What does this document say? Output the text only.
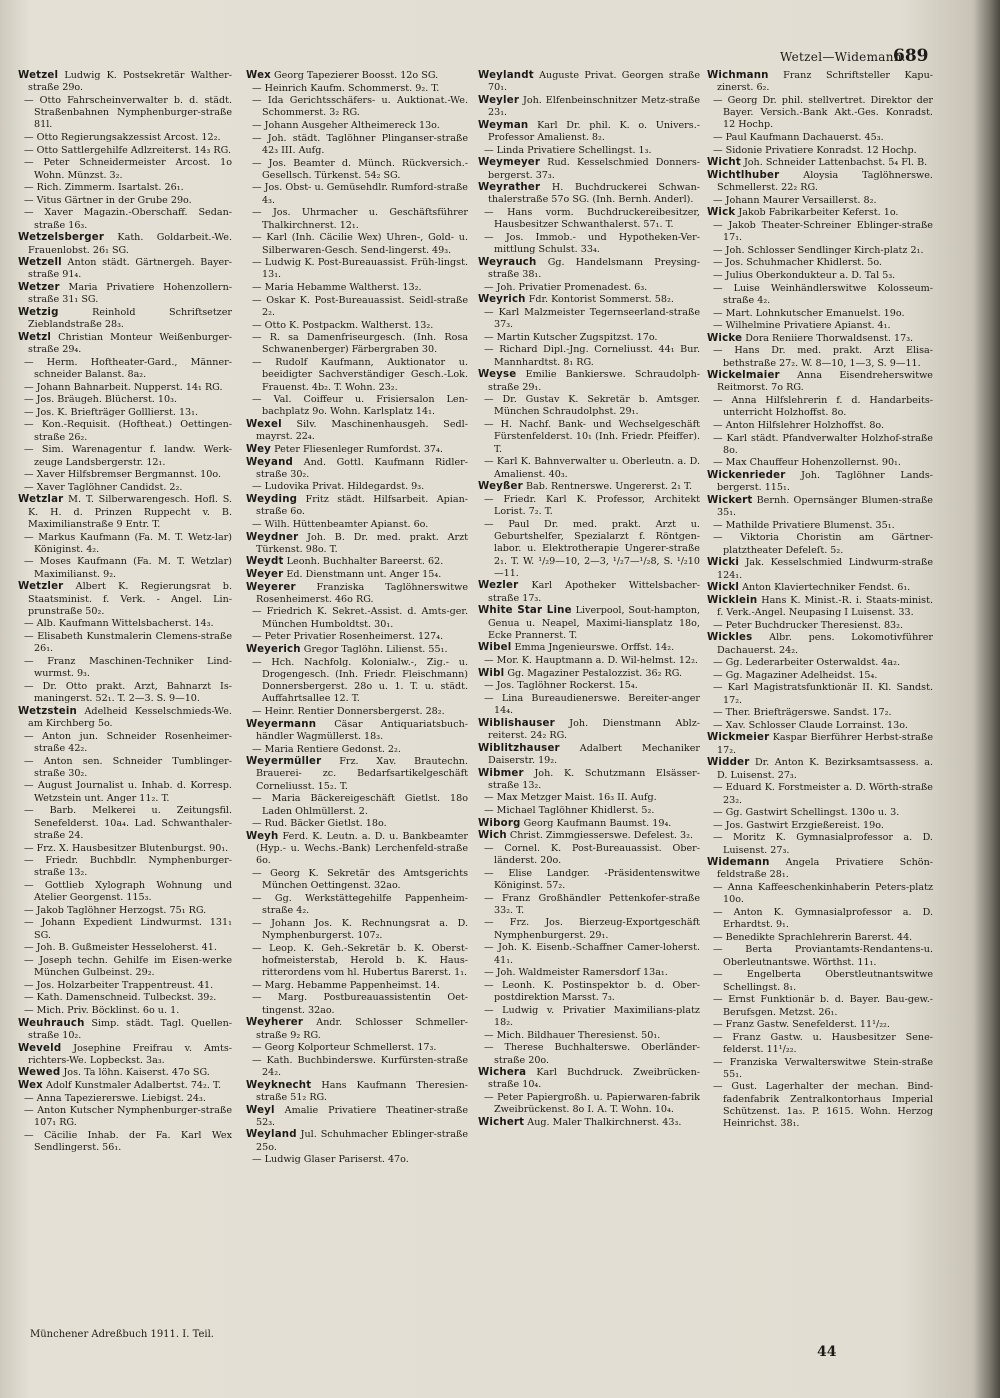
Wetzel—Widemann.
689

Wetzel Ludwig K. Postsekretär Walther-straße 29o.

— Otto Fahrscheinverwalter b. d. städt. Straßenbahnen Nymphenburger-straße 81l.

— Otto Regierungsakzessist Arcost. 12₂.

— Otto Sattlergehilfe Adlzreiterst. 14₃ RG.

— Peter Schneidermeister Arcost. 1o Wohn. Münzst. 3₂.

— Rich. Zimmerm. Isartalst. 26₁.

— Vitus Gärtner in der Grube 29o.

— Xaver Magazin.-Oberschaff. Sedan-straße 16₃.

Wetzelsberger Kath. Goldarbeit.-We. Frauenlobst. 26₁ SG.

Wetzell Anton städt. Gärtnergeh. Bayer-straße 91₄.

Wetzer Maria Privatiere Hohenzollern-straße 31₁ SG.

Wetzig Reinhold Schriftsetzer Zieblandstraße 28₃.

Wetzl Christian Monteur Weißenburger-straße 29₄.

— Herm. Hoftheater-Gard., Männer-schneider Balanst. 8a₂.

— Johann Bahnarbeit. Nupperst. 14₁ RG.

— Jos. Bräugeh. Blücherst. 10₃.

— Jos. K. Briefträger Golllierst. 13₁.

— Kon.-Requisit. (Hoftheat.) Oettingen-straße 26₂.

— Sim. Warenagentur f. landw. Werk-zeuge Landsbergerstr. 12₁.

— Xaver Hilfsbremser Bergmannst. 10o.

— Xaver Taglöhner Candidst. 2₂.

Wetzlar M. T. Silberwarengesch. Hofl. S. K. H. d. Prinzen Ruppecht v. B. Maximilianstraße 9 Entr. T.

— Markus Kaufmann (Fa. M. T. Wetz-lar) Königinst. 4₂.

— Moses Kaufmann (Fa. M. T. Wetzlar) Maximilianst. 9₂.

Wetzler Albert K. Regierungsrat b. Staatsminist. f. Verk. - Angel. Lin-prunstraße 50₂.

— Alb. Kaufmann Wittelsbacherst. 14₃.

— Elisabeth Kunstmalerin Clemens-straße 26₁.

— Franz Maschinen-Techniker Lind-wurmst. 9₃.

— Dr. Otto prakt. Arzt, Bahnarzt Is-maningerst. 52₁. T. 2—3. S. 9—10.

Wetzstein Adelheid Kesselschmieds-We. am Kirchberg 5o.

— Anton jun. Schneider Rosenheimer-straße 42₂.

— Anton sen. Schneider Tumblinger-straße 30₂.

— August Journalist u. Inhab. d. Korresp. Wetzstein unt. Anger 11₂. T.

— Barb. Melkerei u. Zeitungsfil. Senefelderst. 10a₄. Lad. Schwanthaler-straße 24.

— Frz. X. Hausbesitzer Blutenburgst. 90₁.

— Friedr. Buchbdlr. Nymphenburger-straße 13₂.

— Gottlieb Xylograph Wohnung und Atelier Georgenst. 115₃.

— Jakob Taglöhner Herzogst. 75₁ RG.

— Johann Expedient Lindwurmst. 131₁ SG.

— Joh. B. Gußmeister Hesseloherst. 41.

— Joseph techn. Gehilfe im Eisen-werke München Gulbeinst. 29₂.

— Jos. Holzarbeiter Trappentreust. 41.

— Kath. Damenschneid. Tulbeckst. 39₂.

— Mich. Priv. Böcklinst. 6o u. 1.

Weuhrauch Simp. städt. Tagl. Quellen-straße 10₂.

Weveld Josephine Freifrau v. Amts-richters-We. Lopbeckst. 3a₃.

Wewed Jos. Ta löhn. Kaiserst. 47o SG.

Wex Adolf Kunstmaler Adalbertst. 74₂. T.

— Anna Tapeziererswe. Liebigst. 24₃.

— Anton Kutscher Nymphenburger-straße 107₁ RG.

— Cäcilie Inhab. der Fa. Karl Wex Sendlingerst. 56₁.

Wex Georg Tapezierer Boosst. 12o SG.

— Heinrich Kaufm. Schommerst. 9₂. T.

— Ida Gerichtsschäfers- u. Auktionat.-We. Schommerst. 3₂ RG.

— Johann Ausgeher Altheimereck 13o.

— Joh. städt. Taglöhner Plinganser-straße 42₃ III. Aufg.

— Jos. Beamter d. Münch. Rückversich.-Gesellsch. Türkenst. 54₂ SG.

— Jos. Obst- u. Gemüsehdlr. Rumford-straße 4₃.

— Jos. Uhrmacher u. Geschäftsführer Thalkirchnerst. 12₁.

— Karl (Inh. Cäcilie Wex) Uhren-, Gold- u. Silberwaren-Gesch. Send-lingerst. 49₃.

— Ludwig K. Post-Bureauassist. Früh-lingst. 13₁.

— Maria Hebamme Waltherst. 13₂.

— Oskar K. Post-Bureauassist. Seidl-straße 2₂.

— Otto K. Postpackm. Waltherst. 13₂.

— R. sa Damenfriseurgesch. (Inh. Rosa Schwanenberger) Färbergraben 30.

— Rudolf Kaufmann, Auktionator u. beeidigter Sachverständiger Gesch.-Lok. Frauenst. 4b₂. T. Wohn. 23₂.

— Val. Coiffeur u. Frisiersalon Len-bachplatz 9o. Wohn. Karlsplatz 14₁.

Wexel Silv. Maschinenhausgeh. Sedl-mayrst. 22₄.

Wey Peter Fliesenleger Rumfordst. 37₄.

Weyand And. Gottl. Kaufmann Ridler-straße 30₂.

— Ludovika Privat. Hildegardst. 9₃.

Weyding Fritz städt. Hilfsarbeit. Apian-straße 6o.

— Wilh. Hüttenbeamter Apianst. 6o.

Weydner Joh. B. Dr. med. prakt. Arzt Türkenst. 98o. T.

Weydt Leonh. Buchhalter Bareerst. 62.

Weyer Ed. Dienstmann unt. Anger 15₄.

Weyerer Franziska Taglöhnerswitwe Rosenheimerst. 46o RG.

— Friedrich K. Sekret.-Assist. d. Amts-ger. München Humboldtst. 30₁.

— Peter Privatier Rosenheimerst. 127₄.

Weyerich Gregor Taglöhn. Lilienst. 55₁.

— Hch. Nachfolg. Kolonialw.-, Zig.- u. Drogengesch. (Inh. Friedr. Fleischmann) Donnersbergerst. 28o u. 1. T. u. städt. Auffahrtsallee 12. T.

— Heinr. Rentier Donnersbergerst. 28₂.

Weyermann Cäsar Antiquariatsbuch-händler Wagmüllerst. 18₃.

— Maria Rentiere Gedonst. 2₂.

Weyermüller Frz. Xav. Brautechn. Brauerei- zc. Bedarfsartikelgeschäft Corneliusst. 15₂. T.

— Maria Bäckereigeschäft Gietlst. 18o Laden Ohlmüllerst. 2.

— Rud. Bäcker Gietlst. 18o.

Weyh Ferd. K. Leutn. a. D. u. Bankbeamter (Hyp.- u. Wechs.-Bank) Lerchenfeld-straße 6o.

— Georg K. Sekretär des Amtsgerichts München Oettingenst. 32ao.

— Gg. Werkstättegehilfe Pappenheim-straße 4₂.

— Johann Jos. K. Rechnungsrat a. D. Nymphenburgerst. 107₂.

— Leop. K. Geh.-Sekretär b. K. Oberst-hofmeisterstab, Herold b. K. Haus-ritterordens vom hl. Hubertus Barerst. 1₁.

— Marg. Hebamme Pappenheimst. 14.

— Marg. Postbureauassistentin Oet-tingenst. 32ao.

Weyherer Andr. Schlosser Schmeller-straße 9₂ RG.

— Georg Kolporteur Schmellerst. 17₃.

— Kath. Buchbinderswe. Kurfürsten-straße 24₂.

Weyknecht Hans Kaufmann Theresien-straße 51₂ RG.

Weyl Amalie Privatiere Theatiner-straße 52₃.

Weyland Jul. Schuhmacher Eblinger-straße 25o.

— Ludwig Glaser Pariserst. 47o.

Weylandt Auguste Privat. Georgen straße 70₁.

Weyler Joh. Elfenbeinschnitzer Metz-straße 23₁.

Weyman Karl Dr. phil. K. o. Univers.-Professor Amalienst. 8₂.

— Linda Privatiere Schellingst. 1₃.

Weymeyer Rud. Kesselschmied Donners-bergerst. 37₃.

Weyrather H. Buchdruckerei Schwan-thalerstraße 57o SG. (Inh. Bernh. Anderl).

— Hans vorm. Buchdruckereibesitzer, Hausbesitzer Schwanthalerst. 57₁. T.

— Jos. Immob.- und Hypotheken-Ver-mittlung Schulst. 33₄.

Weyrauch Gg. Handelsmann Preysing-straße 38₁.

— Joh. Privatier Promenadest. 6₃.

Weyrich Fdr. Kontorist Sommerst. 58₂.

— Karl Malzmeister Tegernseerland-straße 37₃.

— Martin Kutscher Zugspitzst. 17o.

— Richard Dipl.-Jng. Corneliusst. 44₁ Bur. Mannhardtst. 8₁ RG.

Weyse Emilie Bankierswe. Schraudolph-straße 29₁.

— Dr. Gustav K. Sekretär b. Amtsger. München Schraudolphst. 29₁.

— H. Nachf. Bank- und Wechselgeschäft Fürstenfelderst. 10₁ (Inh. Friedr. Pfeiffer). T.

— Karl K. Bahnverwalter u. Oberleutn. a. D. Amalienst. 40₃.

Weyßer Bab. Rentnerswe. Ungererst. 2₁ T.

— Friedr. Karl K. Professor, Architekt Lorist. 7₂. T.

— Paul Dr. med. prakt. Arzt u. Geburtshelfer, Spezialarzt f. Röntgen-labor. u. Elektrotherapie Ungerer-straße 2₁. T. W. ¹/₂9—10, 2—3, ¹/₂7—¹/₂8, S. ¹/₂10—11.

Wezler Karl Apotheker Wittelsbacher-straße 17₃.

White Star Line Liverpool, Sout-hampton, Genua u. Neapel, Maximi-liansplatz 18o, Ecke Prannerst. T.

Wibel Emma Jngenieurswe. Orffst. 14₂.

— Mor. K. Hauptmann a. D. Wil-helmst. 12₂.

Wibl Gg. Magaziner Pestalozzist. 36₂ RG.

— Jos. Taglöhner Rockerst. 15₄.

— Lina Bureaudienerswe. Bereiter-anger 14₄.

Wiblishauser Joh. Dienstmann Ablz-reiterst. 24₂ RG.

Wiblitzhauser Adalbert Mechaniker Daiserstr. 19₂.

Wibmer Joh. K. Schutzmann Elsässer-straße 13₂.

— Max Metzger Maist. 16₃ II. Aufg.

— Michael Taglöhner Khidlerst. 5₂.

Wiborg Georg Kaufmann Baumst. 19₄.

Wich Christ. Zimmgiesserswe. Defelest. 3₂.

— Cornel. K. Post-Bureauassist. Ober-länderst. 20o.

— Elise Landger. -Präsidentenswitwe Königinst. 57₂.

— Franz Großhändler Pettenkofer-straße 33₂. T.

— Frz. Jos. Bierzeug-Exportgeschäft Nymphenburgerst. 29₁.

— Joh. K. Eisenb.-Schaffner Camer-loherst. 41₁.

— Joh. Waldmeister Ramersdorf 13a₁.

— Leonh. K. Postinspektor b. d. Ober-postdirektion Marsst. 7₃.

— Ludwig v. Privatier Maximilians-platz 18₂.

— Mich. Bildhauer Theresienst. 50₁.

— Therese Buchhalterswe. Oberländer-straße 20o.

Wichera Karl Buchdruck. Zweibrücken-straße 10₄.

— Peter Papiergroßh. u. Papierwaren-fabrik Zweibrückenst. 8o I. A. T. Wohn. 10₄.

Wichert Aug. Maler Thalkirchnerst. 43₃.

Wichmann Franz Schriftsteller Kapu-zinerst. 6₂.

— Georg Dr. phil. stellvertret. Direktor der Bayer. Versich.-Bank Akt.-Ges. Konradst. 12 Hochp.

— Paul Kaufmann Dachauerst. 45₃.

— Sidonie Privatiere Konradst. 12 Hochp.

Wicht Joh. Schneider Lattenbachst. 5₄ Fl. B.

Wichtlhuber Aloysia Taglöhnerswe. Schmellerst. 22₂ RG.

— Johann Maurer Versaillerst. 8₂.

Wick Jakob Fabrikarbeiter Keferst. 1o.

— Jakob Theater-Schreiner Eblinger-straße 17₁.

— Joh. Schlosser Sendlinger Kirch-platz 2₁.

— Jos. Schuhmacher Khidlerst. 5o.

— Julius Oberkondukteur a. D. Tal 5₃.

— Luise Weinhändlerswitwe Kolosseum-straße 4₂.

— Mart. Lohnkutscher Emanuelst. 19o.

— Wilhelmine Privatiere Apianst. 4₁.

Wicke Dora Reniiere Thorwaldsenst. 17₃.

— Hans Dr. med. prakt. Arzt Elisa-bethstraße 27₂. W. 8—10, 1—3, S. 9—11.

Wickelmaier Anna Eisendreherswitwe Reitmorst. 7o RG.

— Anna Hilfslehrerin f. d. Handarbeits-unterricht Holzhoffst. 8o.

— Anton Hilfslehrer Holzhoffst. 8o.

— Karl städt. Pfandverwalter Holzhof-straße 8o.

— Max Chauffeur Hohenzollernst. 90₁.

Wickenrieder Joh. Taglöhner Lands-bergerst. 115₁.

Wickert Bernh. Opernsänger Blumen-straße 35₁.

— Mathilde Privatiere Blumenst. 35₁.

— Viktoria Choristin am Gärtner-platztheater Defeleſt. 5₂.

Wicki Jak. Kesselschmied Lindwurm-straße 124₁.

Wickl Anton Klaviertechniker Fendst. 6₁.

Wicklein Hans K. Minist.-R. i. Staats-minist. f. Verk.-Angel. Neupasing I Luisenst. 33.

— Peter Buchdrucker Theresienst. 83₂.

Wickles Albr. pens. Lokomotivführer Dachauerst. 24₂.

— Gg. Lederarbeiter Osterwaldst. 4a₂.

— Gg. Magaziner Adelheidst. 15₄.

— Karl Magistratsfunktionär II. Kl. Sandst. 17₂.

— Ther. Briefträgerswe. Sandst. 17₂.

— Xav. Schlosser Claude Lorrainst. 13o.

Wickmeier Kaspar Bierführer Herbst-straße 17₂.

Widder Dr. Anton K. Bezirksamtsassess. a. D. Luisenst. 27₃.

— Eduard K. Forstmeister a. D. Wörth-straße 23₂.

— Gg. Gastwirt Schellingst. 130o u. 3.

— Jos. Gastwirt Erzgießereist. 19o.

— Moritz K. Gymnasialprofessor a. D. Luisenst. 27₃.

Widemann Angela Privatiere Schön-feldstraße 28₁.

— Anna Kaffeeschenkinhaberin Peters-platz 10o.

— Anton K. Gymnasialprofessor a. D. Erhardtst. 9₁.

— Benedikte Sprachlehrerin Barerst. 44.

— Berta Proviantamts-Rendantens-u. Oberleutnantswe. Wörthst. 11₁.

— Engelberta Oberstleutnantswitwe Schellingst. 8₁.

— Ernst Funktionär b. d. Bayer. Bau-gew.-Berufsgen. Metzst. 26₁.

— Franz Gastw. Senefelderst. 11¹/₂₂.

— Franz Gastw. u. Hausbesitzer Sene-felderst. 11¹/₂₂.

— Franziska Verwalterswitwe Stein-straße 55₁.

— Gust. Lagerhalter der mechan. Bind-fadenfabrik Zentralkontorhaus Imperial Schützenst. 1a₃. P. 1615. Wohn. Herzog Heinrichst. 38₁.

Münchener Adreßbuch 1911. I. Teil.
44
